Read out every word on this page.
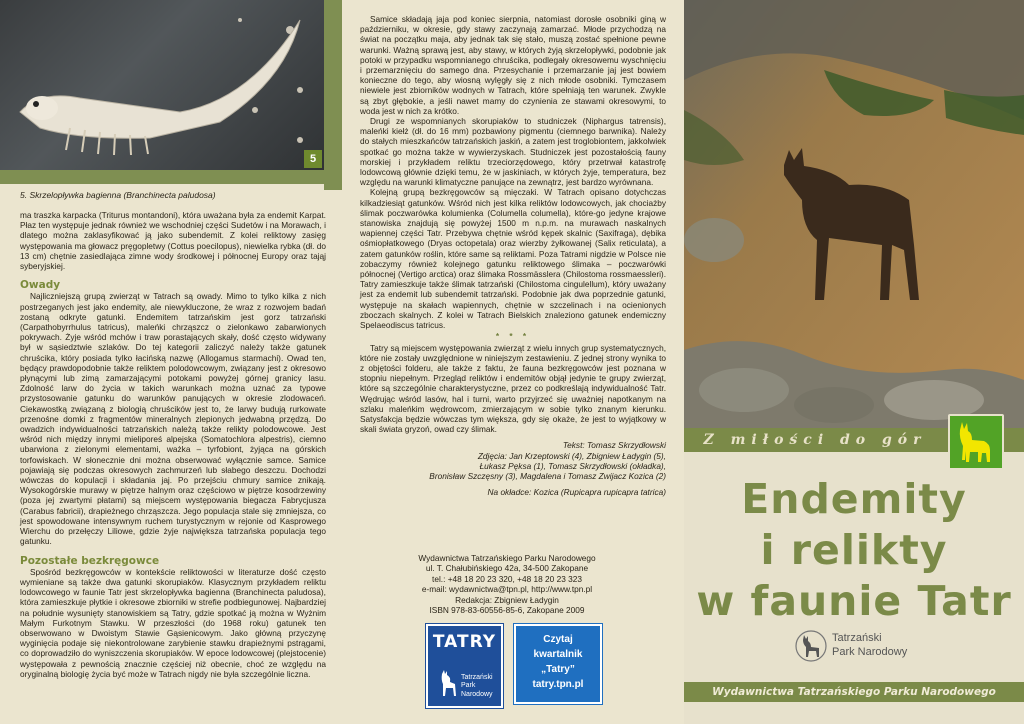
5
5. Skrzelopływka bagienna (Branchinecta paludosa)

ma traszka karpacka (Triturus montandoni), która uważana była za endemit Karpat. Płaz ten występuje jednak również we wschodniej części Sudetów i na Morawach, i dlatego można zaklasyfikować ją jako subendemit. Z kolei reliktowy zasięg występowania ma głowacz pręgopletwy (Cottus poecilopus), niewielka rybka (dł. do 13 cm) chętnie zasiedlająca zimne wody środkowej i północnej Europy oraz tająj syberyjskiej.

Owady

Najliczniejszą grupą zwierząt w Tatrach są owady. Mimo to tylko kilka z nich postrzeganych jest jako endemity, ale niewykluczone, że wraz z rozwojem badań zostaną odkryte gatunki. Endemitem tatrzańskim jest gorz tatrzański (Carpathobyrrhulus tatricus), maleńki chrząszcz o zielonkawo zabarwionych pokrywach. Żyje wśród mchów i traw porastających skały, dość często widywany był w sąsiedztwie szlaków. Do tej kategorii zaliczyć należy także gatunek chruścika, który posiada tylko łacińską nazwę (Allogamus starmachi). Owad ten, będący prawdopodobnie także reliktem polodowcowym, związany jest z okresowo płynącymi lub zimą zamarzającymi potokami powyżej górnej granicy lasu. Zdolność larw do życia w takich warunkach można uznać za typowe przystosowanie gatunku do warunków panujących w okresie zlodowaceń. Ciekawostką związaną z biologią chruścików jest to, że larwy budują rurkowate przenośne domki z fragmentów mineralnych zlepionych jedwabną przędzą. Do owadzich indywidualności tatrzańskich należą także relikty polodowcowe. Jest wśród nich między innymi mieliporeś alpejska (Somatochlora alpestris), ciemno ubarwiona z zielonymi elementami, ważka – tyrfobiont, żyjąca na górskich torfowiskach. W słonecznie dni można obserwować wyłącznie samce. Samice pojawiają się podczas okresowych zachmurzeń lub słabego deszczu. Dochodzi wówczas do kopulacji i składania jaj. Po przejściu chmury samice znikają. Wysokogórskie murawy w piętrze halnym oraz częściowo w piętrze kosodrzewiny (poza jej zwartymi płatami) są miejscem występowania biegacza Fabrycjusza (Carabus fabricii), drapieżnego chrząszcza. Jego populacja stale się zmniejsza, co jest spowodowane intensywnym ruchem turystycznym w rejonie od Kasprowego Wierchu do przełęczy Liliowe, gdzie żyje największa tatrzańska populacja tego gatunku.

Pozostałe bezkręgowce

Spośród bezkręgowców w kontekście reliktowości w literaturze dość często wymieniane są także dwa gatunki skorupiaków. Klasycznym przykładem reliktu lodowcowego w faunie Tatr jest skrzelopływka bagienna (Branchinecta paludosa), która zamieszkuje płytkie i okresowe zbiorniki w strefie podbiegunowej. Najbardziej na południe wysunięty stanowiskiem są Tatry, gdzie spotkać ją można w Wyżnim Małym Furkotnym Stawku. W przeszłości (do 1968 roku) gatunek ten obserwowano w Dwoistym Stawie Gąsienicowym. Jako główną przyczynę wyginięcia podaje się niekontrolowane zarybienie stawku drapieżnymi pstrągami, co doprowadziło do wyniszczenia skorupiaków. W epoce lodowcowej (plejstocenie) występowała z pewnością znacznie częściej niż obecnie, choć ze względu na oryginalną biologię życia być może w Tatrach nigdy nie była szczególnie liczna.

Samice składają jaja pod koniec sierpnia, natomiast dorosłe osobniki giną w październiku, w okresie, gdy stawy zaczynają zamarzać. Młode przychodzą na świat na początku maja, aby jednak tak się stało, muszą zostać spełnione pewne warunki. Ważną sprawą jest, aby stawy, w których żyją skrzelopływki, podobnie jak potoki w przypadku wspomnianego chruścika, podlegały okresowemu wyschnięciu i przemarznięciu do samego dna. Przesychanie i przemarzanie jaj jest bowiem konieczne do tego, aby wiosną wylęgły się z nich młode osobniki. Tymczasem niewiele jest zbiorników wodnych w Tatrach, które spełniają ten warunek. Zwykle są zbyt głębokie, a jeśli nawet mamy do czynienia ze stawami okresowymi, to woda jest w nich za krótko.

Drugi ze wspomnianych skorupiaków to studniczek (Niphargus tatrensis), maleńki kiełż (dł. do 16 mm) pozbawiony pigmentu (ciemnego barwnika). Należy do stałych mieszkańców tatrzańskich jaskiń, a zatem jest troglobiontem, jakkolwiek spotkać go można także w wywierzyskach. Studniczek jest pozostałością fauny morskiej i przykładem reliktu trzeciorzędowego, który przetrwał katastrofę lodowcową głównie dzięki temu, że w jaskiniach, w których żyje, temperatura, bez względu na warunki klimatyczne panujące na zewnątrz, jest bardzo wyrównana.

Kolejną grupą bezkręgowców są mięczaki. W Tatrach opisano dotychczas kilkadziesiąt gatunków. Wśród nich jest kilka reliktów lodowcowych, jak chociażby ślimak poczwarówka kolumienka (Columella columella), które-go jedyne krajowe stanowiska znajdują się powyżej 1500 m n.p.m. na murawach naskalnych wapiennej części Tatr. Przebywa chętnie wśród kępek skalnic (Saxifraga), dębika ośmiopłatkowego (Dryas octopetala) oraz wierzby żyłkowanej (Salix reticulata), a zatem gatunków roślin, które same są reliktami. Poza Tatrami nigdzie w Polsce nie zobaczymy również kolejnego gatunku reliktowego ślimaka – poczwarówki północnej (Vertigo arctica) oraz ślimaka Rossmässlera (Chilostoma rossmaessleri). Tatry zamieszkuje także ślimak tatrzański (Chilostoma cingulellum), który uważany jest za endemit lub subendemit tatrzański. Podobnie jak dwa poprzednie gatunki, występuje na skałach wapiennych, chętnie w szczelinach i na ocienionych zboczach skalnych. Z kolei w Tatrach Bielskich znaleziono gatunek endemiczny Spelaeodiscus tatricus.

* * *

Tatry są miejscem występowania zwierząt z wielu innych grup systematycznych, które nie zostały uwzględnione w niniejszym zestawieniu. Z jednej strony wynika to z objętości folderu, ale także z faktu, że fauna bezkręgowców jest poznana w stopniu niepełnym. Przegląd reliktów i endemitów objął jedynie te grupy zwierząt, które są szczególnie charakterystyczne, przez co podkreślają indywidualność Tatr. Wędrując wśród lasów, hal i turni, warto przyjrzeć się uważniej napotkanym na szlaku maleńkim wędrowcom, zmierzającym w sobie tylko znanym kierunku. Satysfakcja będzie wówczas tym większa, gdy się okaże, że jest to wyjątkowy w skali świata gryzoń, owad czy ślimak.

Tekst: Tomasz Skrzydłowski
Zdjęcia: Jan Krzeptowski (4), Zbigniew Ładygin (5),
Łukasz Pęksa (1), Tomasz Skrzydłowski (okładka),
Bronisław Szczęsny (3), Magdalena i Tomasz Zwijacz Kozica (2)
Na okładce: Kozica (Rupicapra rupicapra tatrica)
Wydawnictwa Tatrzańskiego Parku Narodowego
ul. T. Chałubińskiego 42a, 34-500 Zakopane
tel.: +48 18 20 23 320, +48 18 20 23 323
e-mail: wydawnictwa@tpn.pl, http://www.tpn.pl
Redakcja: Zbigniew Ładygin
ISBN 978-83-60556-85-6, Zakopane 2009
TATRY
Tatrzański
Park
Narodowy
Czytaj
kwartalnik
„Tatry”
tatry.tpn.pl
Z miłości do gór
Endemity
i relikty
w faunie Tatr
Tatrzański
Park Narodowy
Wydawnictwa Tatrzańskiego Parku Narodowego
